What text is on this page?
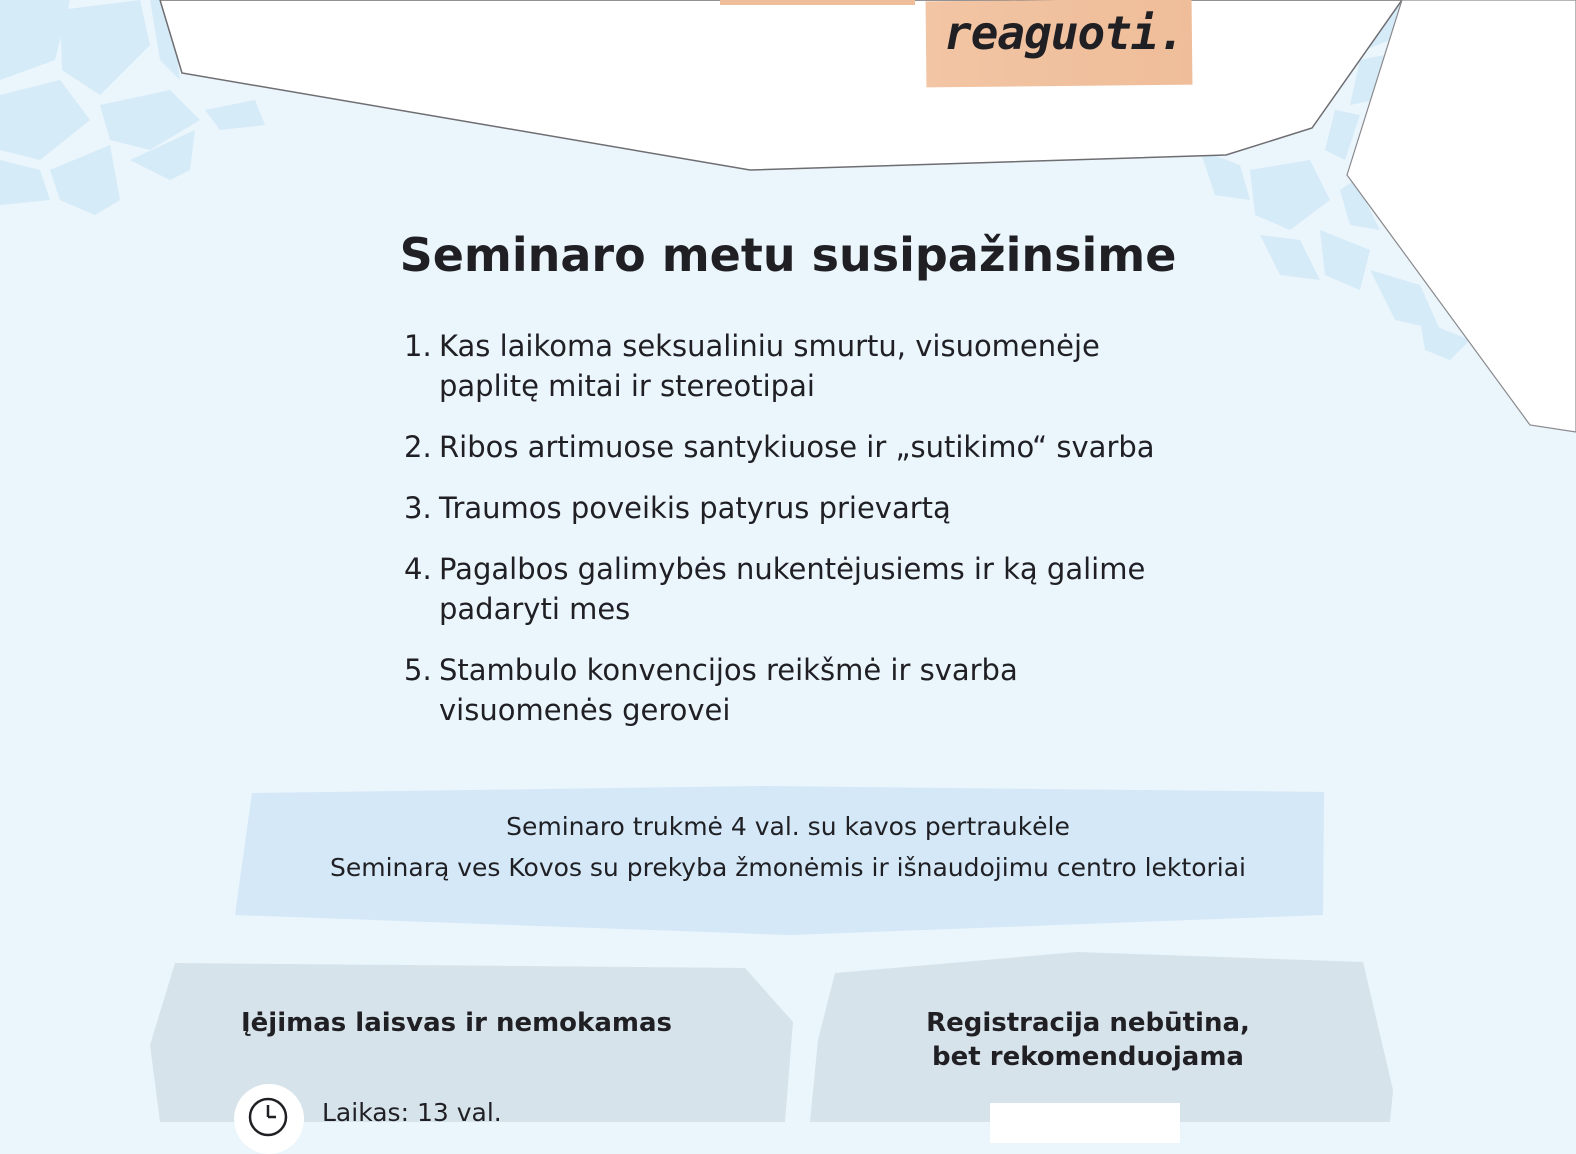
reaguoti.
Seminaro metu susipažinsime
1. Kas laikoma seksualiniu smurtu, visuomenėje
paplitę mitai ir stereotipai
2. Ribos artimuose santykiuose ir „sutikimo“ svarba
3. Traumos poveikis patyrus prievartą
4. Pagalbos galimybės nukentėjusiems ir ką galime
padaryti mes
5. Stambulo konvencijos reikšmė ir svarba
visuomenės gerovei
Seminaro trukmė 4 val. su kavos pertraukėle
Seminarą ves Kovos su prekyba žmonėmis ir išnaudojimu centro lektoriai
Įėjimas laisvas ir nemokamas
Laikas: 13 val.
Registracija nebūtina,
bet rekomenduojama
